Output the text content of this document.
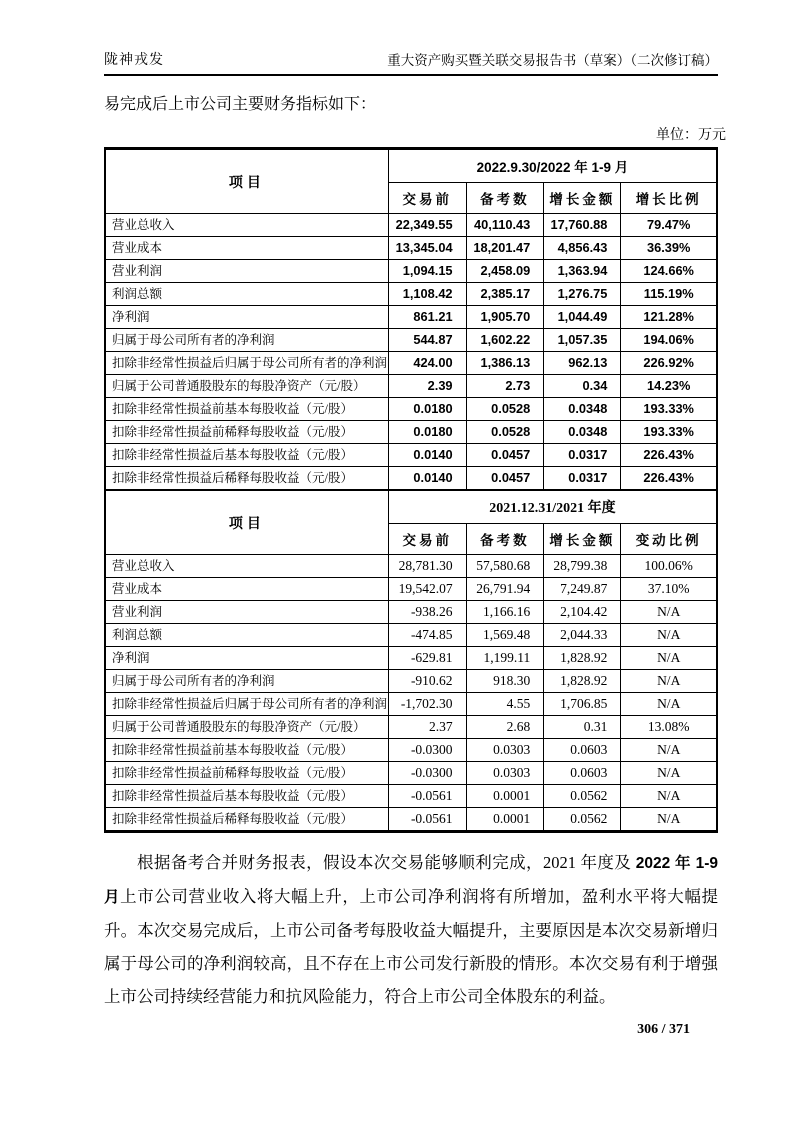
陇神戎发	重大资产购买暨关联交易报告书（草案）（二次修订稿）

易完成后上市公司主要财务指标如下：

单位：万元
项目	2022.9.30/2022 年 1-9 月			
	交易前	备考数	增长金额	增长比例
营业总收入	22,349.55	40,110.43	17,760.88	79.47%
营业成本	13,345.04	18,201.47	4,856.43	36.39%
营业利润	1,094.15	2,458.09	1,363.94	124.66%
利润总额	1,108.42	2,385.17	1,276.75	115.19%
净利润	861.21	1,905.70	1,044.49	121.28%
归属于母公司所有者的净利润	544.87	1,602.22	1,057.35	194.06%
扣除非经常性损益后归属于母公司所有者的净利润	424.00	1,386.13	962.13	226.92%
归属于公司普通股股东的每股净资产（元/股）	2.39	2.73	0.34	14.23%
扣除非经常性损益前基本每股收益（元/股）	0.0180	0.0528	0.0348	193.33%
扣除非经常性损益前稀释每股收益（元/股）	0.0180	0.0528	0.0348	193.33%
扣除非经常性损益后基本每股收益（元/股）	0.0140	0.0457	0.0317	226.43%
扣除非经常性损益后稀释每股收益（元/股）	0.0140	0.0457	0.0317	226.43%
项目	2021.12.31/2021 年度			
	交易前	备考数	增长金额	变动比例
营业总收入	28,781.30	57,580.68	28,799.38	100.06%
营业成本	19,542.07	26,791.94	7,249.87	37.10%
营业利润	-938.26	1,166.16	2,104.42	N/A
利润总额	-474.85	1,569.48	2,044.33	N/A
净利润	-629.81	1,199.11	1,828.92	N/A
归属于母公司所有者的净利润	-910.62	918.30	1,828.92	N/A
扣除非经常性损益后归属于母公司所有者的净利润	-1,702.30	4.55	1,706.85	N/A
归属于公司普通股股东的每股净资产（元/股）	2.37	2.68	0.31	13.08%
扣除非经常性损益前基本每股收益（元/股）	-0.0300	0.0303	0.0603	N/A
扣除非经常性损益前稀释每股收益（元/股）	-0.0300	0.0303	0.0603	N/A
扣除非经常性损益后基本每股收益（元/股）	-0.0561	0.0001	0.0562	N/A
扣除非经常性损益后稀释每股收益（元/股）	-0.0561	0.0001	0.0562	N/A

根据备考合并财务报表，假设本次交易能够顺利完成，2021 年度及 2022 年 1-9 月上市公司营业收入将大幅上升，上市公司净利润将有所增加，盈利水平将大幅提升。本次交易完成后，上市公司备考每股收益大幅提升，主要原因是本次交易新增归属于母公司的净利润较高，且不存在上市公司发行新股的情形。本次交易有利于增强上市公司持续经营能力和抗风险能力，符合上市公司全体股东的利益。

306 / 371
